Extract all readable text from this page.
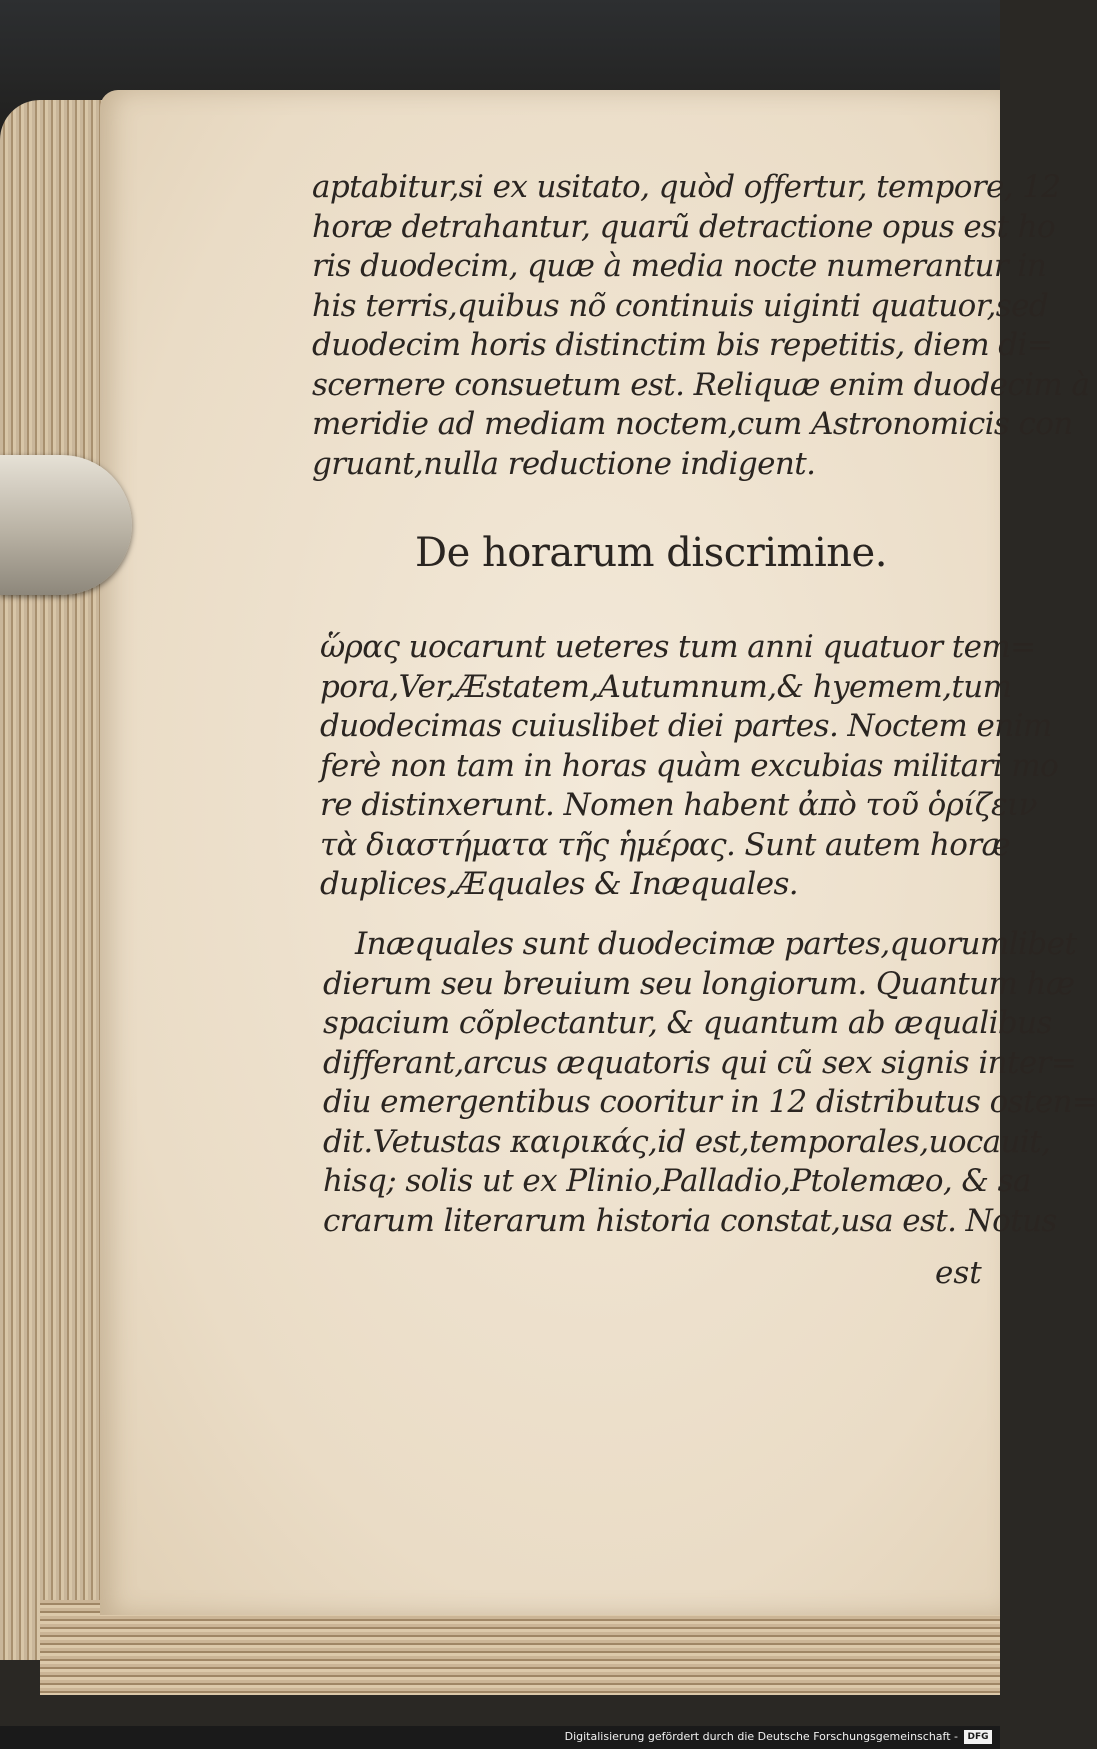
aptabitur,si ex usitato, quòd offertur, tempore, 12
horæ detrahantur, quarũ detractione opus est ho
ris duodecim, quæ à media nocte numerantur in
his terris,quibus nõ continuis uiginti quatuor,sed
duodecim horis distinctim bis repetitis, diem di=
scernere consuetum est. Reliquæ enim duodecim à
meridie ad mediam noctem,cum Astronomicis con
gruant,nulla reductione indigent.
De horarum discrimine.
ὥρας uocarunt ueteres tum anni quatuor tem=
pora,Ver,Æstatem,Autumnum,& hyemem,tum
duodecimas cuiuslibet diei partes. Noctem enim
ferè non tam in horas quàm excubias militari mo
re distinxerunt. Nomen habent ἀπὸ τοῦ ὁρίζειν
τὰ διαστήματα τῆς ἡμέρας. Sunt autem horæ
duplices,Æquales & Inæquales.
Inæquales sunt duodecimæ partes,quorumlibet
dierum seu breuium seu longiorum. Quantum hæ
spacium cõplectantur, & quantum ab æqualibus
differant,arcus æquatoris qui cũ sex signis inter=
diu emergentibus cooritur in 12 distributus osten=
dit.Vetustas καιρικάς,id est,temporales,uocauit,
hisq; solis ut ex Plinio,Palladio,Ptolemæo, & sa
crarum literarum historia constat,usa est. Notus
est
Digitalisierung gefördert durch die Deutsche Forschungsgemeinschaft -	DFG
